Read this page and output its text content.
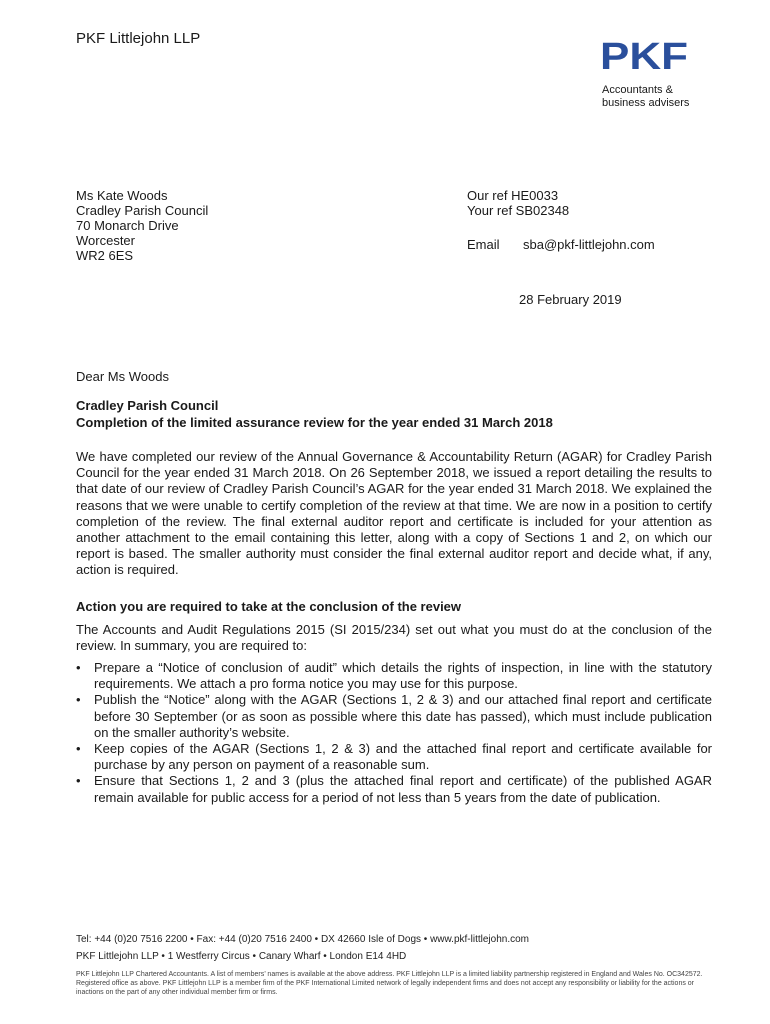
PKF Littlejohn LLP	PKF
Accountants &
business advisers
Ms Kate Woods
Cradley Parish Council
70 Monarch Drive
Worcester
WR2 6ES
Our ref HE0033
Your ref SB02348
Email sba@pkf-littlejohn.com
28 February 2019
Dear Ms Woods
Cradley Parish Council
Completion of the limited assurance review for the year ended 31 March 2018

We have completed our review of the Annual Governance & Accountability Return (AGAR) for Cradley Parish Council for the year ended 31 March 2018. On 26 September 2018, we issued a report detailing the results to that date of our review of Cradley Parish Council’s AGAR for the year ended 31 March 2018. We explained the reasons that we were unable to certify completion of the review at that time. We are now in a position to certify completion of the review. The final external auditor report and certificate is included for your attention as another attachment to the email containing this letter, along with a copy of Sections 1 and 2, on which our report is based. The smaller authority must consider the final external auditor report and decide what, if any, action is required.

Action you are required to take at the conclusion of the review

The Accounts and Audit Regulations 2015 (SI 2015/234) set out what you must do at the conclusion of the review. In summary, you are required to:

• Prepare a “Notice of conclusion of audit” which details the rights of inspection, in line with the statutory requirements. We attach a pro forma notice you may use for this purpose.
• Publish the “Notice” along with the AGAR (Sections 1, 2 & 3) and our attached final report and certificate before 30 September (or as soon as possible where this date has passed), which must include publication on the smaller authority’s website.
• Keep copies of the AGAR (Sections 1, 2 & 3) and the attached final report and certificate available for purchase by any person on payment of a reasonable sum.
• Ensure that Sections 1, 2 and 3 (plus the attached final report and certificate) of the published AGAR remain available for public access for a period of not less than 5 years from the date of publication.
Tel: +44 (0)20 7516 2200 • Fax: +44 (0)20 7516 2400 • DX 42660 Isle of Dogs • www.pkf-littlejohn.com
PKF Littlejohn LLP • 1 Westferry Circus • Canary Wharf • London E14 4HD
PKF Littlejohn LLP Chartered Accountants. A list of members’ names is available at the above address. PKF Littlejohn LLP is a limited liability partnership registered in England and Wales No. OC342572. Registered office as above. PKF Littlejohn LLP is a member firm of the PKF International Limited network of legally independent firms and does not accept any responsibility or liability for the actions or inactions on the part of any other individual member firm or firms.
